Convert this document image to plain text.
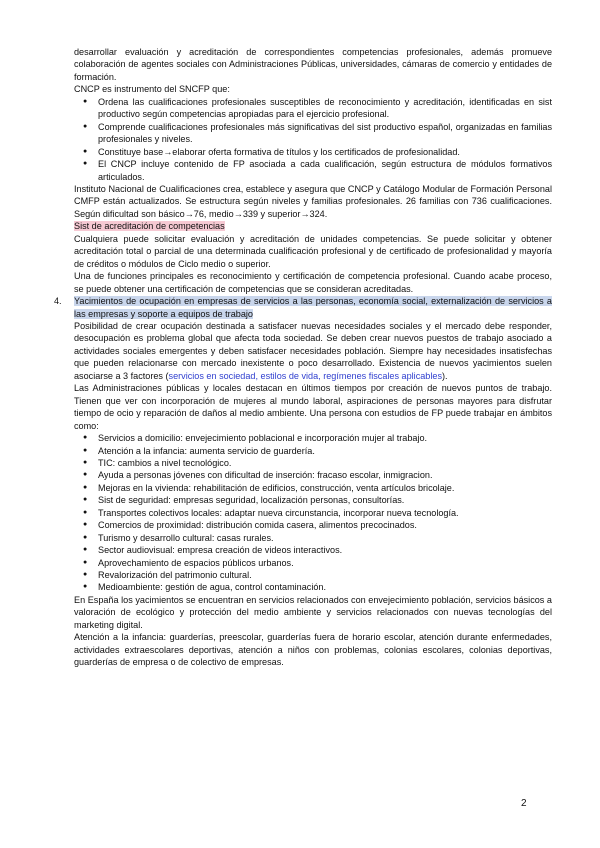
desarrollar evaluación y acreditación de correspondientes competencias profesionales, además promueve colaboración de agentes sociales con Administraciones Públicas, universidades, cámaras de comercio y entidades de formación.

CNCP es instrumento del SNCFP que:

● Ordena las cualificaciones profesionales susceptibles de reconocimiento y acreditación, identificadas en sist productivo según competencias apropiadas para el ejercicio profesional.
● Comprende cualificaciones profesionales más significativas del sist productivo español, organizadas en familias profesionales y niveles.
● Constituye base→elaborar oferta formativa de títulos y los certificados de profesionalidad.
● El CNCP incluye contenido de FP asociada a cada cualificación, según estructura de módulos formativos articulados.

Instituto Nacional de Cualificaciones crea, establece y asegura que CNCP y Catálogo Modular de Formación Personal CMFP están actualizados. Se estructura según niveles y familias profesionales. 26 familias con 736 cualificaciones. Según dificultad son básico→76, medio→339 y superior→324.

Sist de acreditación de competencias

Cualquiera puede solicitar evaluación y acreditación de unidades competencias. Se puede solicitar y obtener acreditación total o parcial de una determinada cualificación profesional y de certificado de profesionalidad y mayoría de créditos o módulos de Ciclo medio o superior.

Una de funciones principales es reconocimiento y certificación de competencia profesional. Cuando acabe proceso, se puede obtener una certificación de competencias que se consideran acreditadas.

4. Yacimientos de ocupación en empresas de servicios a las personas, economía social, externalización de servicios a las empresas y soporte a equipos de trabajo

Posibilidad de crear ocupación destinada a satisfacer nuevas necesidades sociales y el mercado debe responder, desocupación es problema global que afecta toda sociedad. Se deben crear nuevos puestos de trabajo asociado a actividades sociales emergentes y deben satisfacer necesidades población. Siempre hay necesidades insatisfechas que pueden relacionarse con mercado inexistente o poco desarrollado. Existencia de nuevos yacimientos suelen asociarse a 3 factores (servicios en sociedad, estilos de vida, regímenes fiscales aplicables).

Las Administraciones públicas y locales destacan en últimos tiempos por creación de nuevos puntos de trabajo. Tienen que ver con incorporación de mujeres al mundo laboral, aspiraciones de personas mayores para disfrutar tiempo de ocio y reparación de daños al medio ambiente. Una persona con estudios de FP puede trabajar en ámbitos como:

● Servicios a domicilio: envejecimiento poblacional e incorporación mujer al trabajo.
● Atención a la infancia: aumenta servicio de guardería.
● TIC: cambios a nivel tecnológico.
● Ayuda a personas jóvenes con dificultad de inserción: fracaso escolar, inmigracion.
● Mejoras en la vivienda: rehabilitación de edificios, construcción, venta artículos bricolaje.
● Sist de seguridad: empresas seguridad, localización personas, consultorías.
● Transportes colectivos locales: adaptar nueva circunstancia, incorporar nueva tecnología.
● Comercios de proximidad: distribución comida casera, alimentos precocinados.
● Turismo y desarrollo cultural: casas rurales.
● Sector audiovisual: empresa creación de videos interactivos.
● Aprovechamiento de espacios públicos urbanos.
● Revalorización del patrimonio cultural.
● Medioambiente: gestión de agua, control contaminación.

En España los yacimientos se encuentran en servicios relacionados con envejecimiento población, servicios básicos a valoración de ecológico y protección del medio ambiente y servicios relacionados con nuevas tecnologías del marketing digital.

Atención a la infancia: guarderías, preescolar, guarderías fuera de horario escolar, atención durante enfermedades, actividades extraescolares deportivas, atención a niños con problemas, colonias escolares, colonias deportivas, guarderías de empresa o de colectivo de empresas.

2
